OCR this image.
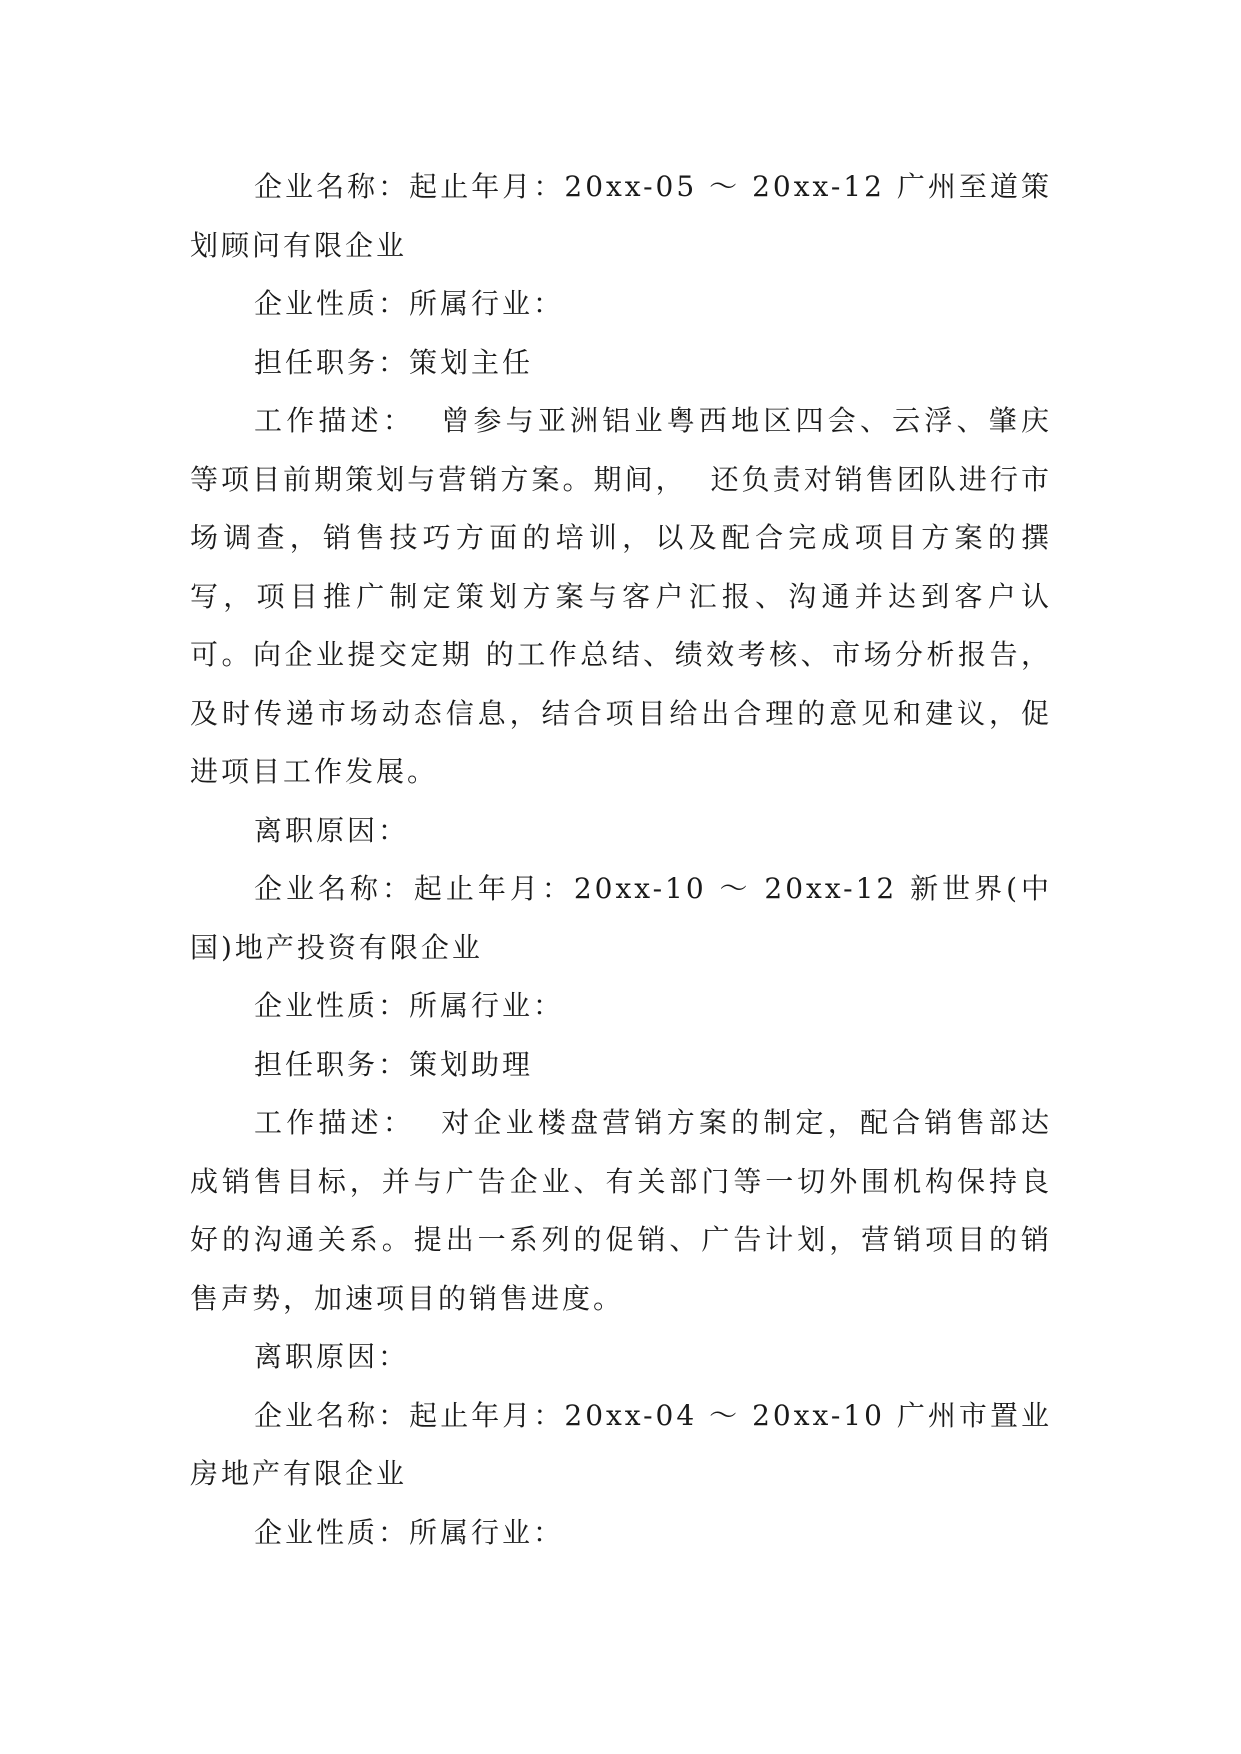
企业名称：起止年月：20xx-05 ～ 20xx-12 广州至道策划顾问有限企业

企业性质：所属行业：

担任职务：策划主任

工作描述：  曾参与亚洲铝业粤西地区四会、云浮、肇庆等项目前期策划与营销方案。期间，  还负责对销售团队进行市场调查，销售技巧方面的培训，以及配合完成项目方案的撰写，项目推广制定策划方案与客户汇报、沟通并达到客户认可。向企业提交定期 的工作总结、绩效考核、市场分析报告，及时传递市场动态信息，结合项目给出合理的意见和建议，促进项目工作发展。

离职原因：

企业名称：起止年月：20xx-10 ～ 20xx-12 新世界(中国)地产投资有限企业

企业性质：所属行业：

担任职务：策划助理

工作描述：  对企业楼盘营销方案的制定，配合销售部达成销售目标，并与广告企业、有关部门等一切外围机构保持良好的沟通关系。提出一系列的促销、广告计划，营销项目的销售声势，加速项目的销售进度。

离职原因：

企业名称：起止年月：20xx-04 ～ 20xx-10 广州市置业房地产有限企业

企业性质：所属行业：
